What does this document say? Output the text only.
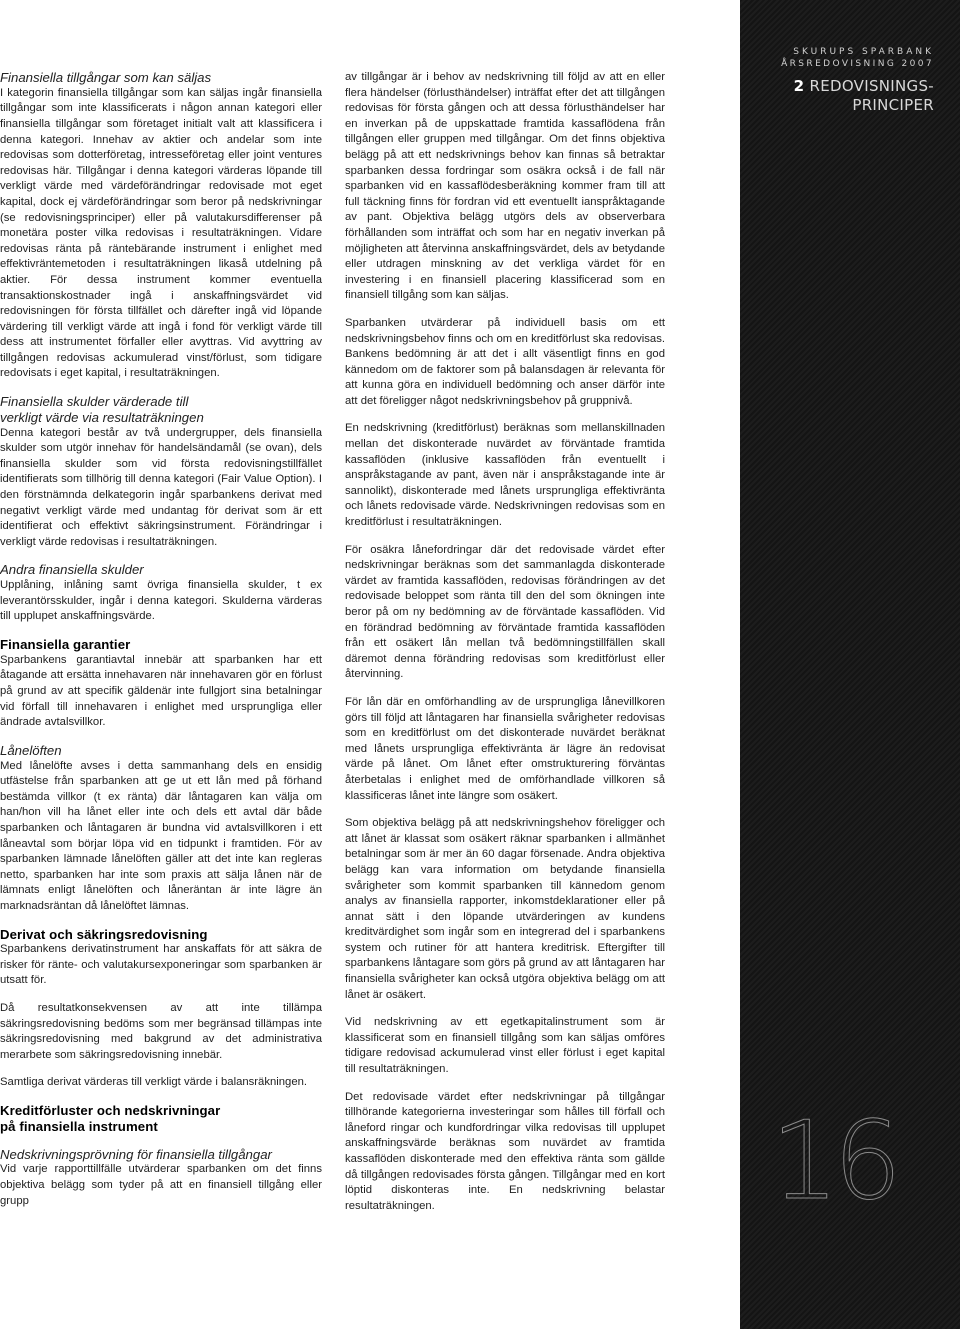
Finansiella tillgångar som kan säljas

I kategorin finansiella tillgångar som kan säljas ingår finansiella tillgångar som inte klassificerats i någon annan kategori eller finansiella tillgångar som företaget initialt valt att klassificera i denna kategori. Innehav av aktier och andelar som inte redovisas som dotterföretag, intresseföretag eller joint ventures redovisas här. Tillgångar i denna kategori värderas löpande till verkligt värde med värdeförändringar redovisade mot eget kapital, dock ej värdeförändringar som beror på nedskrivningar (se redovisningsprinciper) eller på valutakursdifferenser på monetära poster vilka redovisas i resultaträkningen. Vidare redovisas ränta på räntebärande instrument i enlighet med effektivräntemetoden i resultaträkningen likaså utdelning på aktier. För dessa instrument kommer eventuella transaktionskostnader ingå i anskaffningsvärdet vid redovisningen för första tillfället och därefter ingå vid löpande värdering till verkligt värde att ingå i fond för verkligt värde till dess att instrumentet förfaller eller avyttras. Vid avyttring av tillgången redovisas ackumulerad vinst/förlust, som tidigare redovisats i eget kapital, i resultaträkningen.

Finansiella skulder värderade till
verkligt värde via resultaträkningen

Denna kategori består av två undergrupper, dels finansiella skulder som utgör innehav för handelsändamål (se ovan), dels finansiella skulder som vid första redovisningstillfället identifierats som tillhörig till denna kategori (Fair Value Option). I den förstnämnda delkategorin ingår sparbankens derivat med negativt verkligt värde med undantag för derivat som är ett identifierat och effektivt säkringsinstrument. Förändringar i verkligt värde redovisas i resultaträkningen.

Andra finansiella skulder

Upplåning, inlåning samt övriga finansiella skulder, t ex leverantörsskulder, ingår i denna kategori. Skulderna värderas till upplupet anskaffningsvärde.

Finansiella garantier

Sparbankens garantiavtal innebär att sparbanken har ett åtagande att ersätta innehavaren när innehavaren gör en förlust på grund av att specifik gäldenär inte fullgjort sina betalningar vid förfall till innehavaren i enlighet med ursprungliga eller ändrade avtalsvillkor.

Lånelöften

Med lånelöfte avses i detta sammanhang dels en ensidig utfästelse från sparbanken att ge ut ett lån med på förhand bestämda villkor (t ex ränta) där låntagaren kan välja om han/hon vill ha lånet eller inte och dels ett avtal där både sparbanken och låntagaren är bundna vid avtalsvillkoren i ett låneavtal som börjar löpa vid en tidpunkt i framtiden. För av sparbanken lämnade lånelöften gäller att det inte kan regleras netto, sparbanken har inte som praxis att sälja lånen när de lämnats enligt lånelöften och låneräntan är inte lägre än marknadsräntan då lånelöftet lämnas.

Derivat och säkringsredovisning

Sparbankens derivatinstrument har anskaffats för att säkra de risker för ränte- och valutakursexponeringar som sparbanken är utsatt för.

Då resultatkonsekvensen av att inte tillämpa säkringsredovisning bedöms som mer begränsad tillämpas inte säkringsredovisning med bakgrund av det administrativa merarbete som säkringsredovisning innebär.

Samtliga derivat värderas till verkligt värde i balansräkningen.

Kreditförluster och nedskrivningar
på finansiella instrument
Nedskrivningsprövning för finansiella tillgångar

Vid varje rapporttillfälle utvärderar sparbanken om det finns objektiva belägg som tyder på att en finansiell tillgång eller grupp

av tillgångar är i behov av nedskrivning till följd av att en eller flera händelser (förlusthändelser) inträffat efter det att tillgången redovisas för första gången och att dessa förlusthändelser har en inverkan på de uppskattade framtida kassaflödena från tillgången eller gruppen med tillgångar. Om det finns objektiva belägg på att ett nedskrivnings behov kan finnas så betraktar sparbanken dessa fordringar som osäkra också i de fall när sparbanken vid en kassaflödesberäkning kommer fram till att full täckning finns för fordran vid ett eventuellt ianspråktagande av pant. Objektiva belägg utgörs dels av observerbara förhållanden som inträffat och som har en negativ inverkan på möjligheten att återvinna anskaffningsvärdet, dels av betydande eller utdragen minskning av det verkliga värdet för en investering i en finansiell placering klassificerad som en finansiell tillgång som kan säljas.

Sparbanken utvärderar på individuell basis om ett nedskrivningsbehov finns och om en kreditförlust ska redovisas. Bankens bedömning är att det i allt väsentligt finns en god kännedom om de faktorer som på balansdagen är relevanta för att kunna göra en individuell bedömning och anser därför inte att det föreligger något nedskrivningsbehov på gruppnivå.

En nedskrivning (kreditförlust) beräknas som mellanskillnaden mellan det diskonterade nuvärdet av förväntade framtida kassaflöden (inklusive kassaflöden från eventuellt i anspråkstagande av pant, även när i anspråkstagande inte är sannolikt), diskonterade med lånets ursprungliga effektivränta och lånets redovisade värde. Nedskrivningen redovisas som en kreditförlust i resultaträkningen.

För osäkra lånefordringar där det redovisade värdet efter nedskrivningar beräknas som det sammanlagda diskonterade värdet av framtida kassaflöden, redovisas förändringen av det redovisade beloppet som ränta till den del som ökningen inte beror på om ny bedömning av de förväntade kassaflöden. Vid en förändrad bedömning av förväntade framtida kassaflöden från ett osäkert lån mellan två bedömningstillfällen skall däremot denna förändring redovisas som kreditförlust eller återvinning.

För lån där en omförhandling av de ursprungliga lånevillkoren görs till följd att låntagaren har finansiella svårigheter redovisas som en kreditförlust om det diskonterade nuvärdet beräknat med lånets ursprungliga effektivränta är lägre än redovisat värde på lånet. Om lånet efter omstrukturering förväntas återbetalas i enlighet med de omförhandlade villkoren så klassificeras lånet inte längre som osäkert.

Som objektiva belägg på att nedskrivningshehov föreligger och att lånet är klassat som osäkert räknar sparbanken i allmänhet betalningar som är mer än 60 dagar försenade. Andra objektiva belägg kan vara information om betydande finansiella svårigheter som kommit sparbanken till kännedom genom analys av finansiella rapporter, inkomstdeklarationer eller på annat sätt i den löpande utvärderingen av kundens kreditvärdighet som ingår som en integrerad del i sparbankens system och rutiner för att hantera kreditrisk. Eftergifter till sparbankens låntagare som görs på grund av att låntagaren har finansiella svårigheter kan också utgöra objektiva belägg om att lånet är osäkert.

Vid nedskrivning av ett egetkapitalinstrument som är klassificerat som en finansiell tillgång som kan säljas omföres tidigare redovisad ackumulerad vinst eller förlust i eget kapital till resultaträkningen.

Det redovisade värdet efter nedskrivningar på tillgångar tillhörande kategorierna investeringar som hålles till förfall och låneford ringar och kundfordringar vilka redovisas till upplupet anskaffningsvärde beräknas som nuvärdet av framtida kassaflöden diskonterade med den effektiva ränta som gällde då tillgången redovisades första gången. Tillgångar med en kort löptid diskonteras inte. En nedskrivning belastar resultaträkningen.

SKURUPS SPARBANK
ÅRSREDOVISNING 2007
2 REDOVISNINGS-
PRINCIPER
16
